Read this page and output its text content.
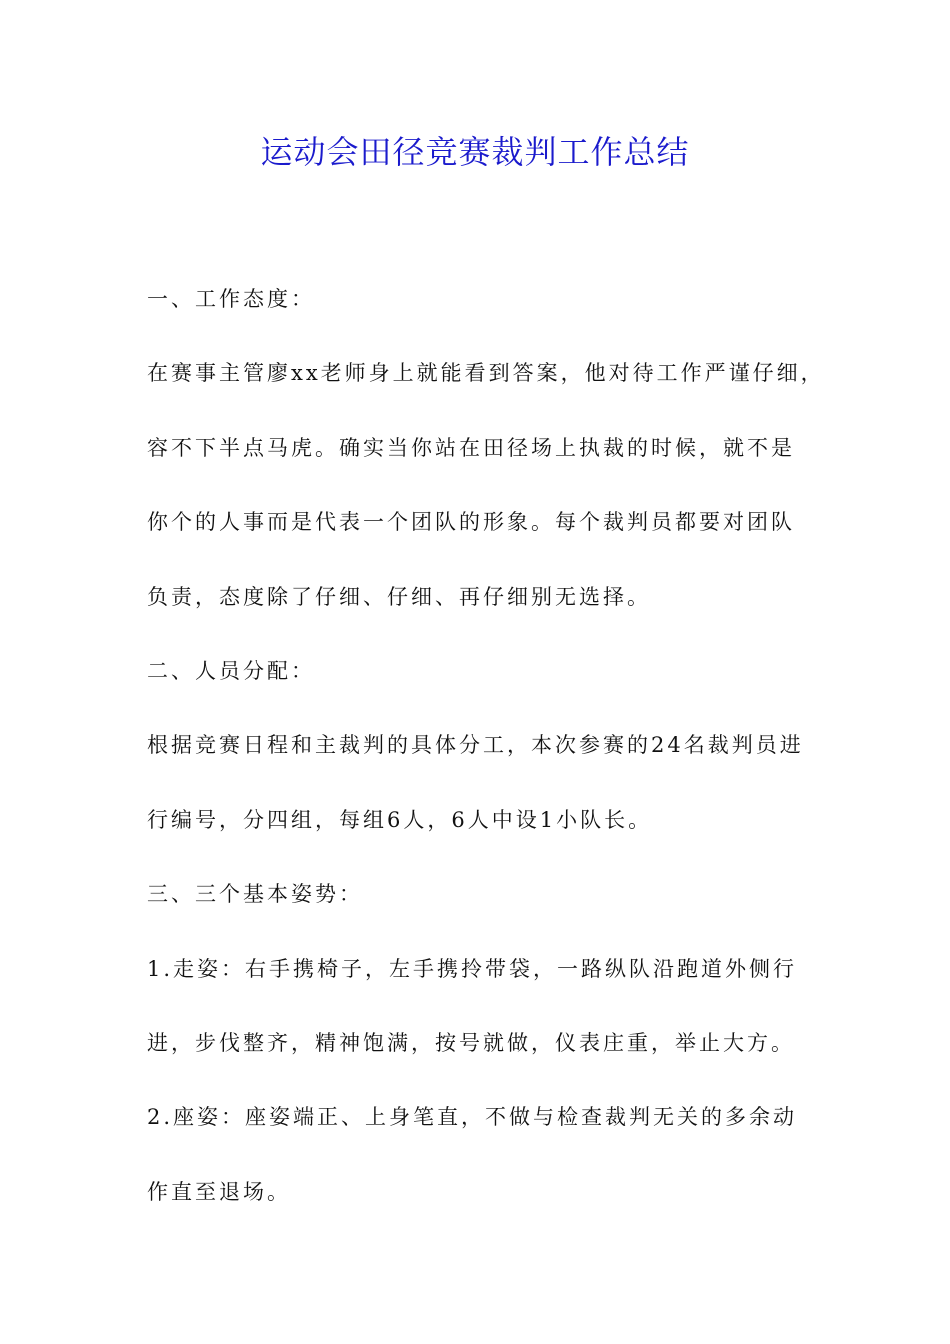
运动会田径竞赛裁判工作总结
一、工作态度：
在赛事主管廖xx老师身上就能看到答案，他对待工作严谨仔细，
容不下半点马虎。确实当你站在田径场上执裁的时候，就不是
你个的人事而是代表一个团队的形象。每个裁判员都要对团队
负责，态度除了仔细、仔细、再仔细别无选择。
二、人员分配：
根据竞赛日程和主裁判的具体分工，本次参赛的24名裁判员进
行编号，分四组，每组6人，6人中设1小队长。
三、三个基本姿势：
1.走姿：右手携椅子，左手携拎带袋，一路纵队沿跑道外侧行
进，步伐整齐，精神饱满，按号就做，仪表庄重，举止大方。
2.座姿：座姿端正、上身笔直，不做与检查裁判无关的多余动
作直至退场。
